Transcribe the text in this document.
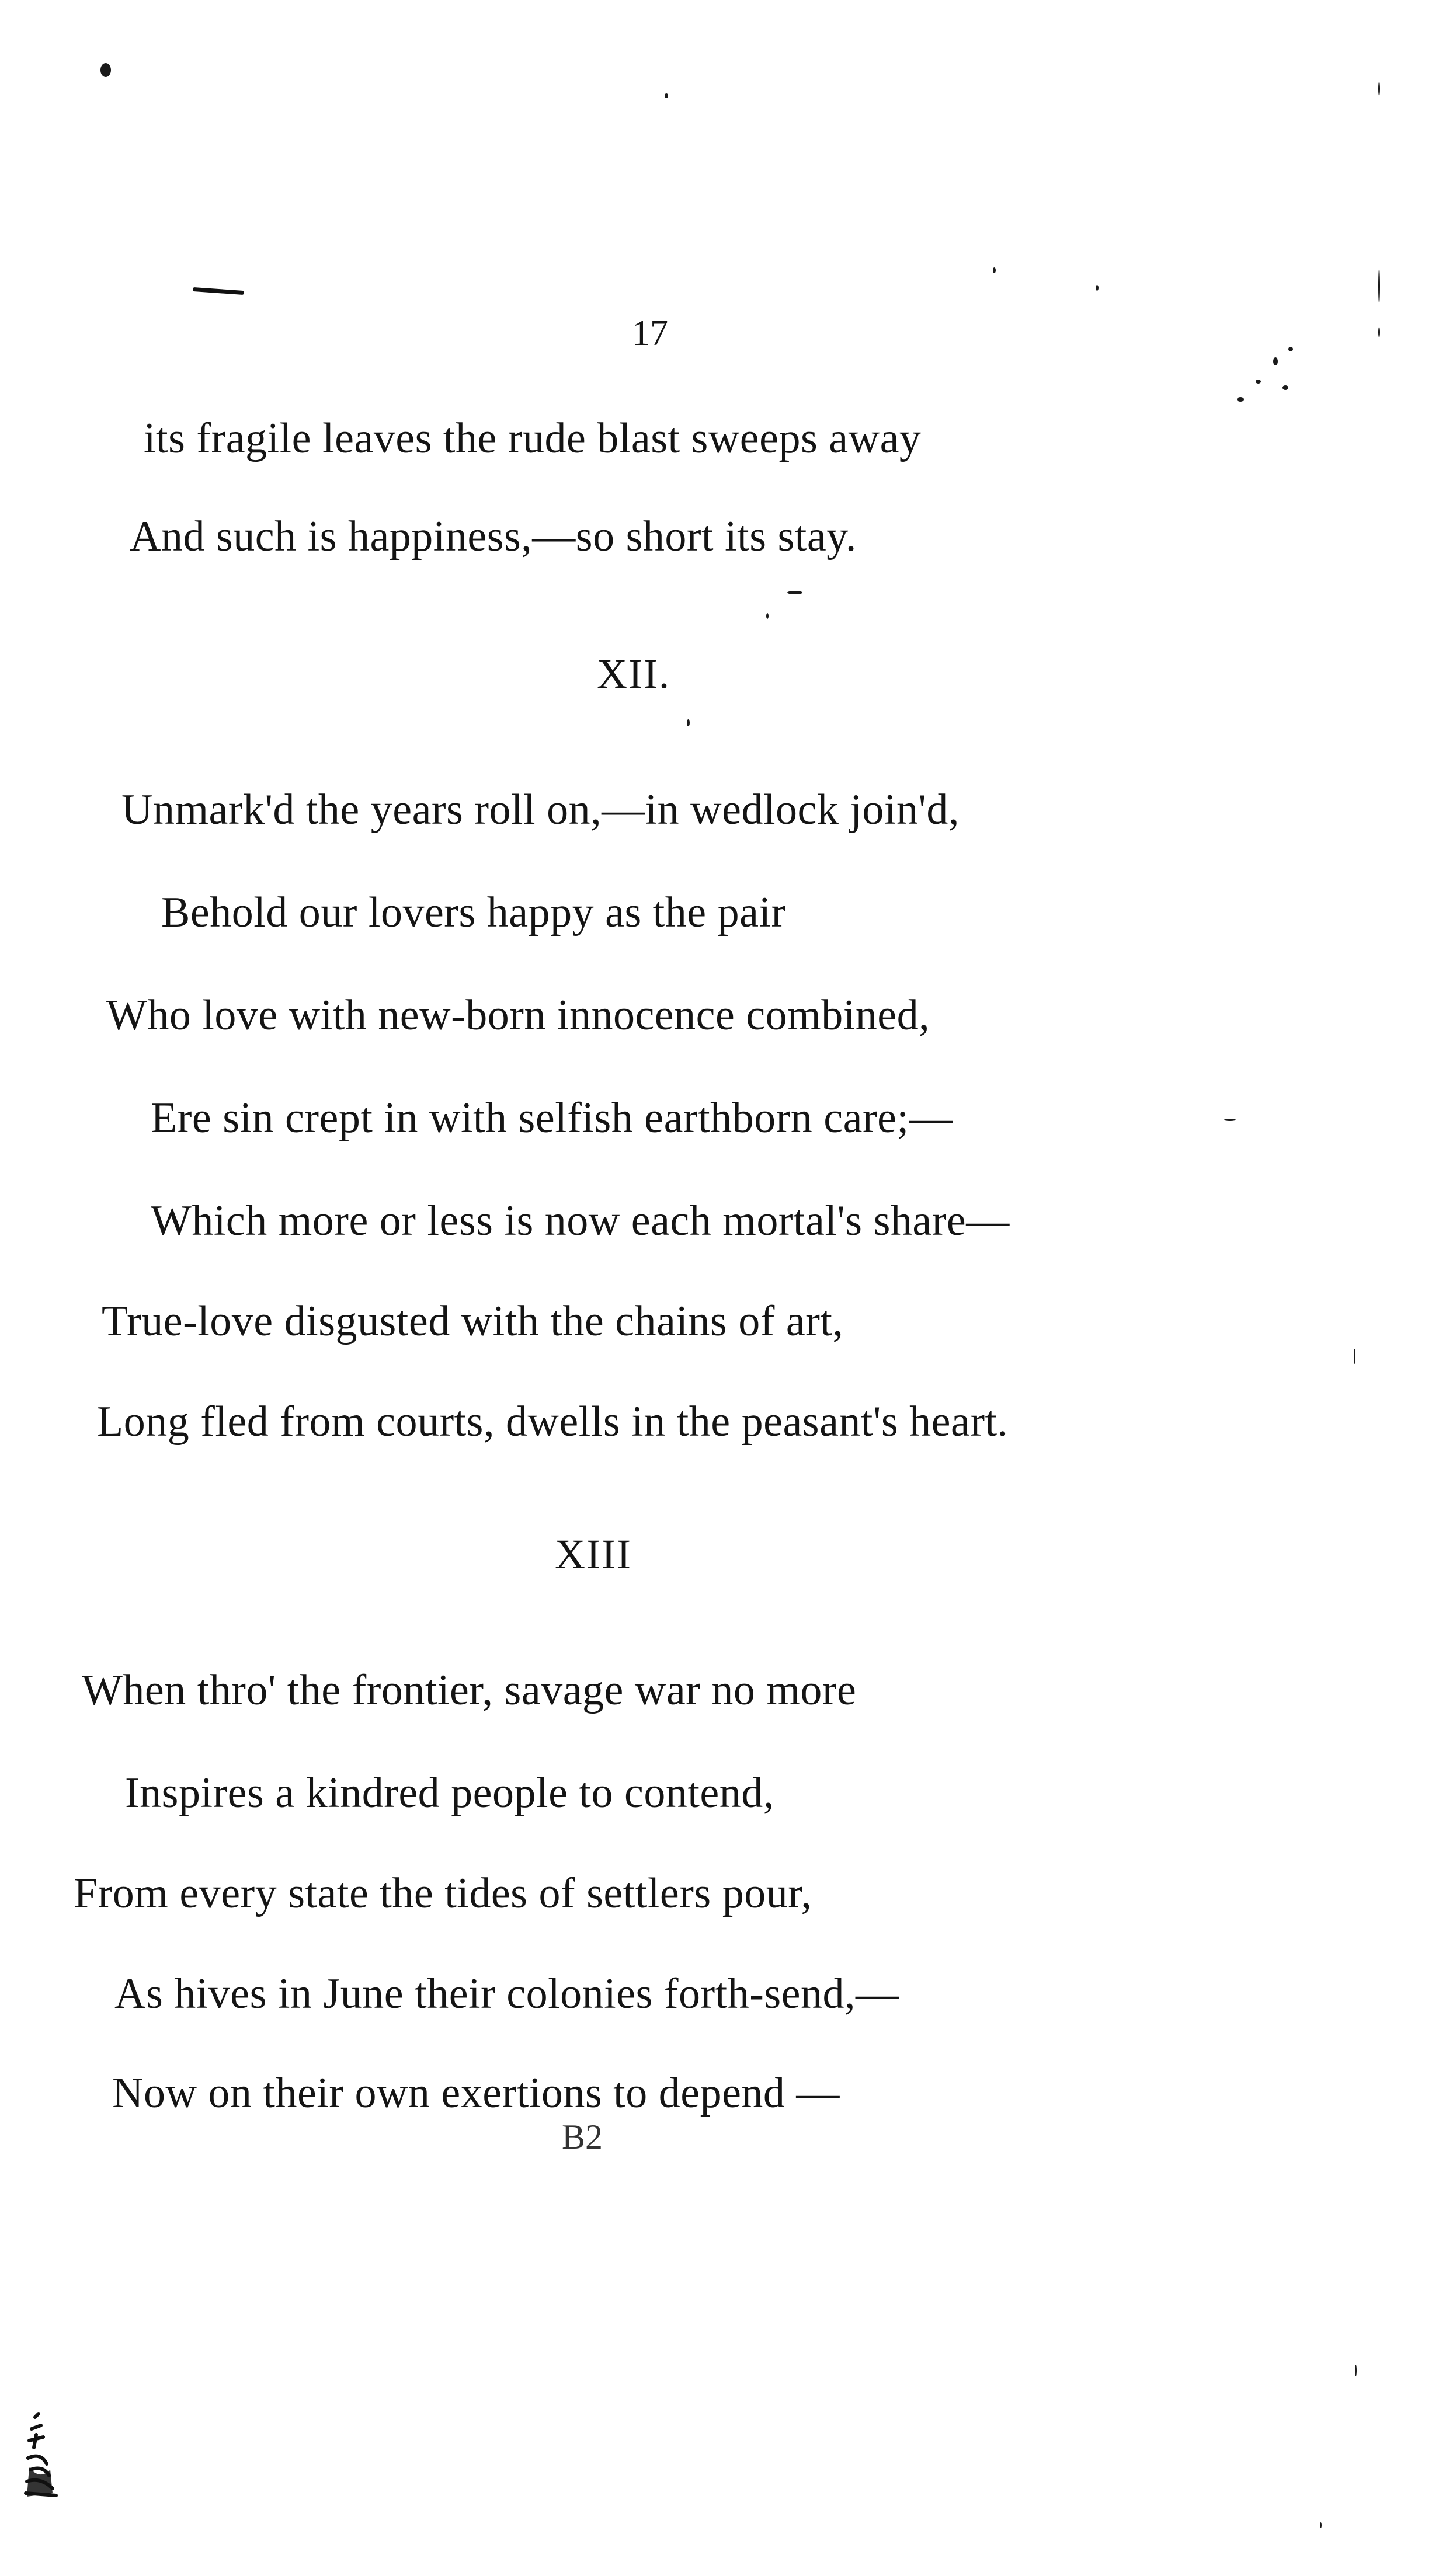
17
its fragile leaves the rude blast sweeps away
And such is happiness,—so short its stay.
XII.
Unmark'd the years roll on,—in wedlock join'd,
Behold our lovers happy as the pair
Who love with new-born innocence combined,
Ere sin crept in with selfish earthborn care;—
Which more or less is now each mortal's share—
True-love disgusted with the chains of art,
Long fled from courts, dwells in the peasant's heart.
XIII
When thro' the frontier, savage war no more
Inspires a kindred people to contend,
From every state the tides of settlers pour,
As hives in June their colonies forth-send,—
Now on their own exertions to depend —
B2
